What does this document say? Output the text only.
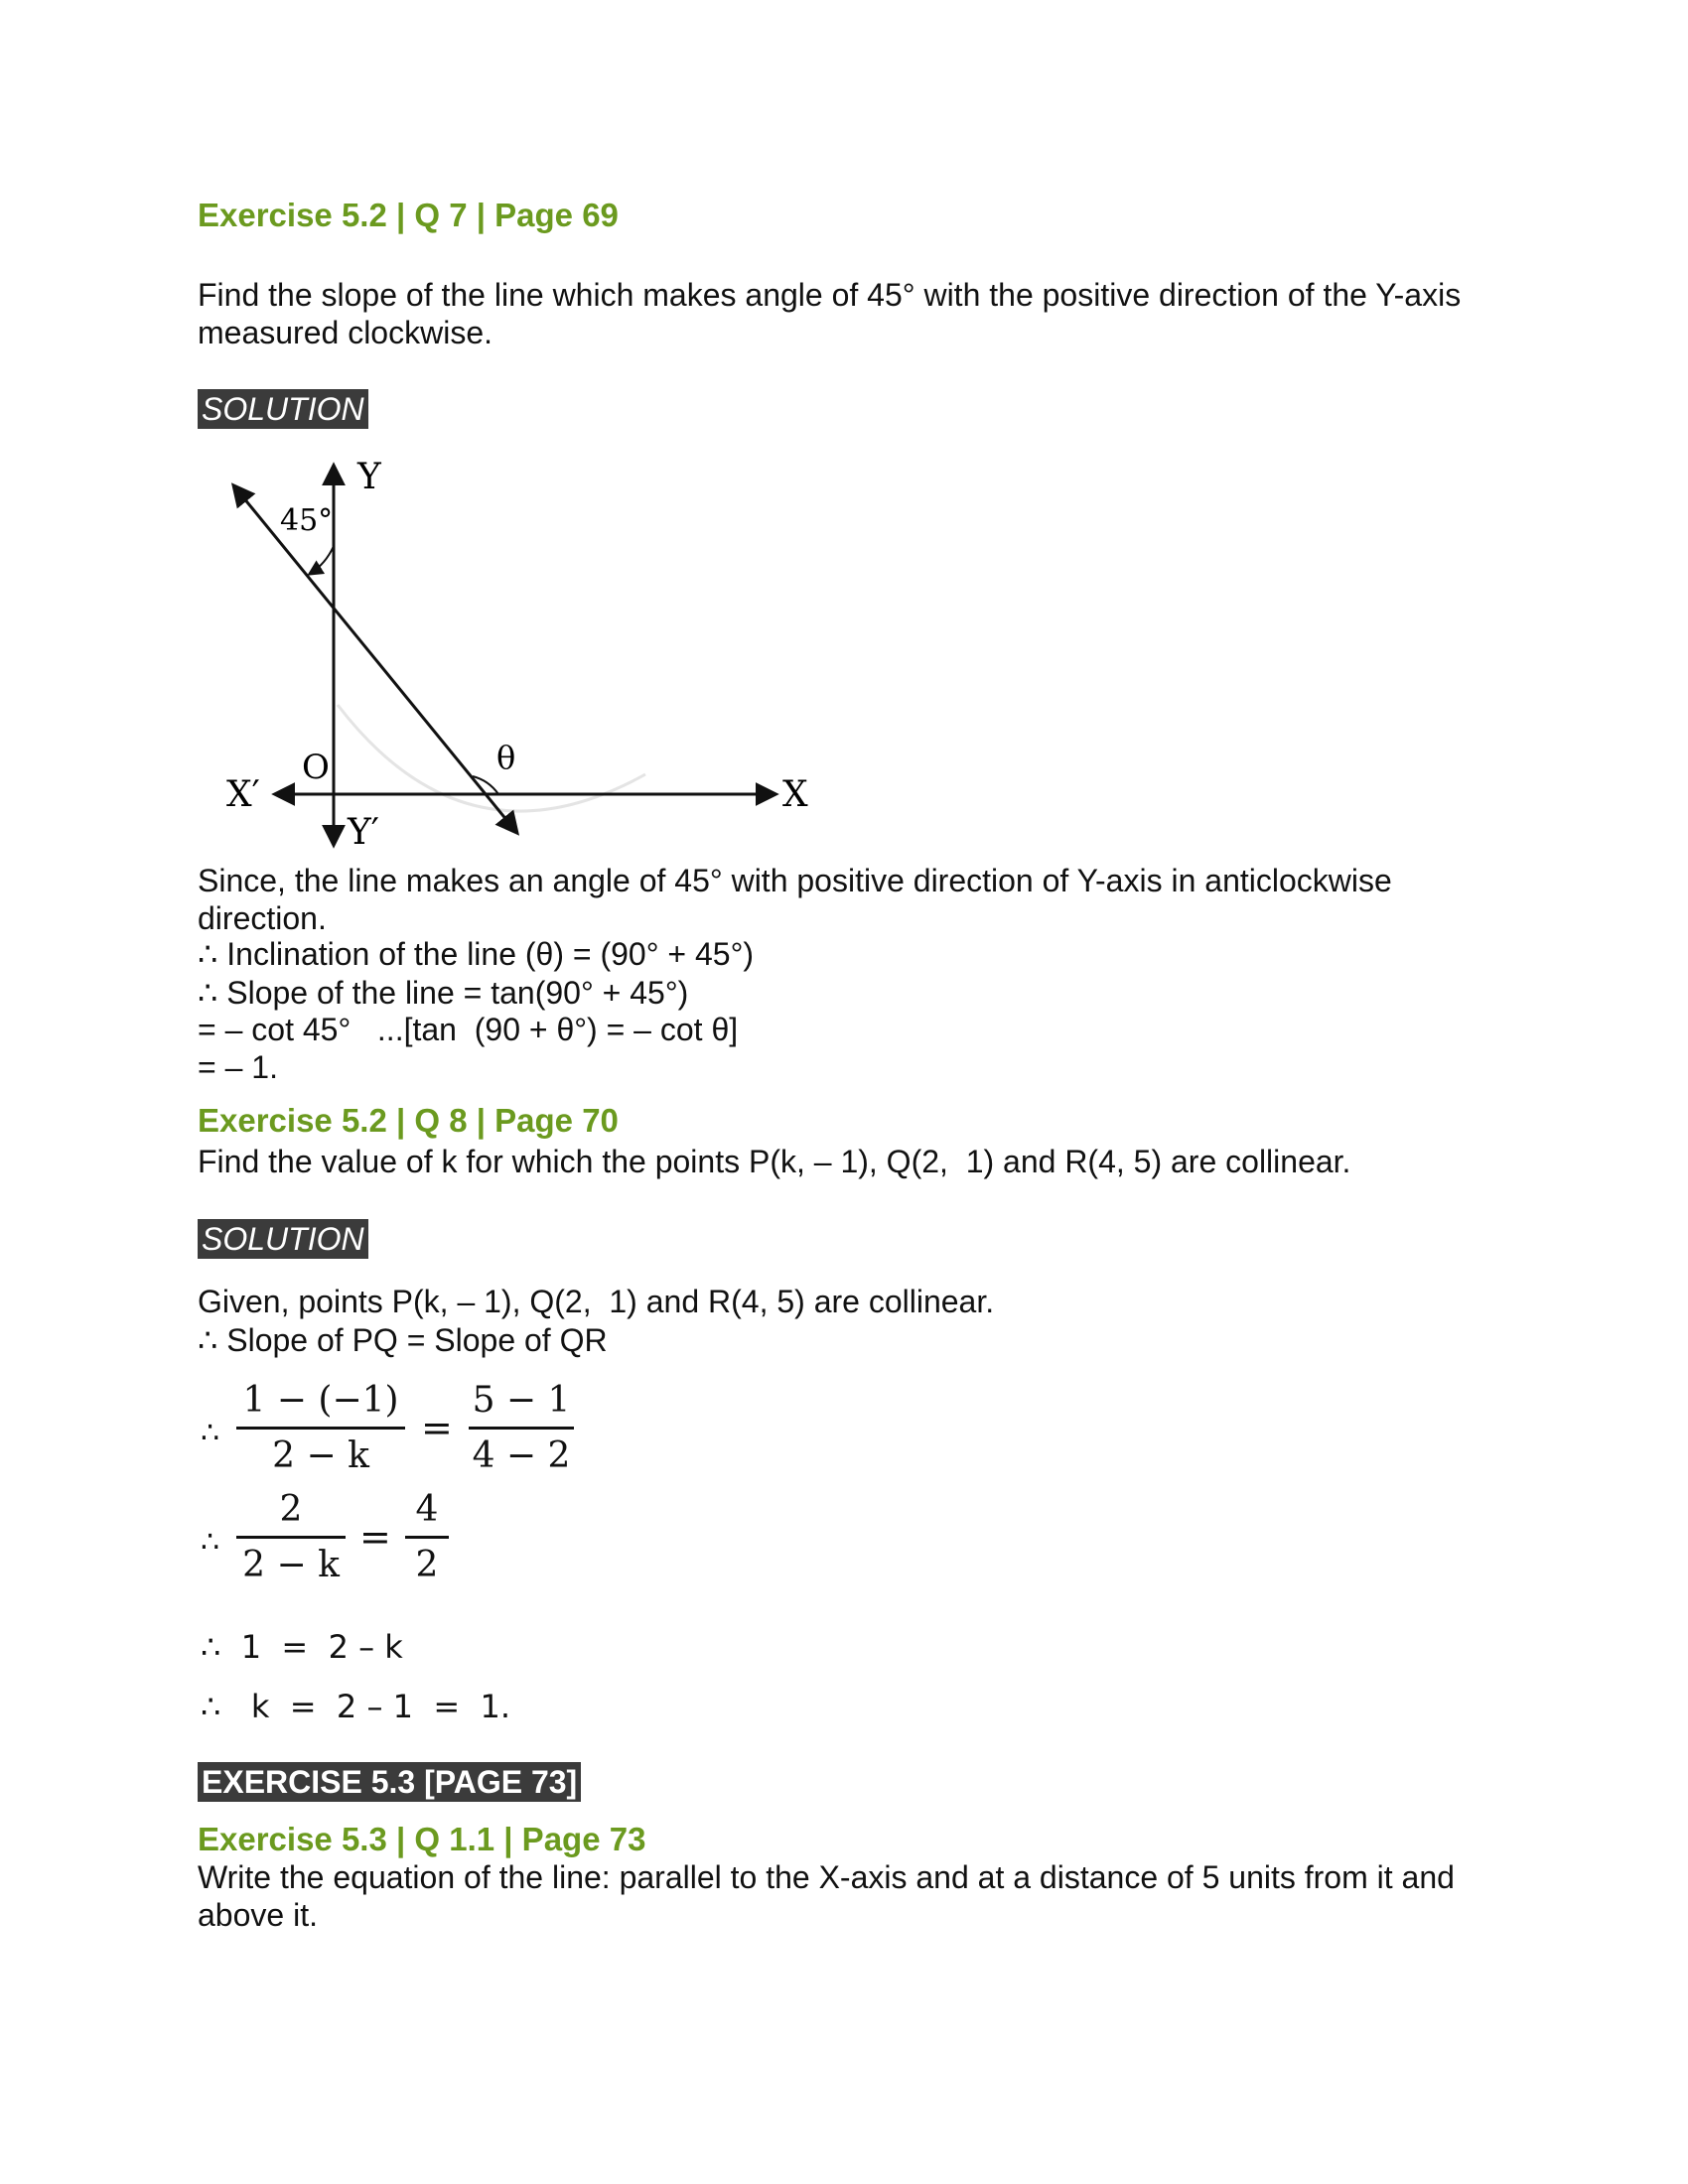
Exercise 5.2 | Q 7 | Page 69
Find the slope of the line which makes angle of 45° with the positive direction of the Y-axis measured clockwise.
SOLUTION
Y
Y′
X
X′
O
45°
θ
Since, the line makes an angle of 45° with positive direction of Y-axis in anticlockwise direction.
∴ Inclination of the line (θ) = (90° + 45°)
∴ Slope of the line = tan(90° + 45°)
= – cot 45°   ...[tan  (90 + θ°) = – cot θ]
= – 1.
Exercise 5.2 | Q 8 | Page 70
Find the value of k for which the points P(k, – 1), Q(2,  1) and R(4, 5) are collinear.
SOLUTION
Given, points P(k, – 1), Q(2,  1) and R(4, 5) are collinear.
∴ Slope of PQ = Slope of QR
∴
1 − (−1)
2 − k
=
5 − 1
4 − 2
∴
2
2 − k
=
4
2
∴  1  =  2 – k
∴   k  =  2 – 1  =  1.
EXERCISE 5.3 [PAGE 73]
Exercise 5.3 | Q 1.1 | Page 73
Write the equation of the line: parallel to the X-axis and at a distance of 5 units from it and above it.
